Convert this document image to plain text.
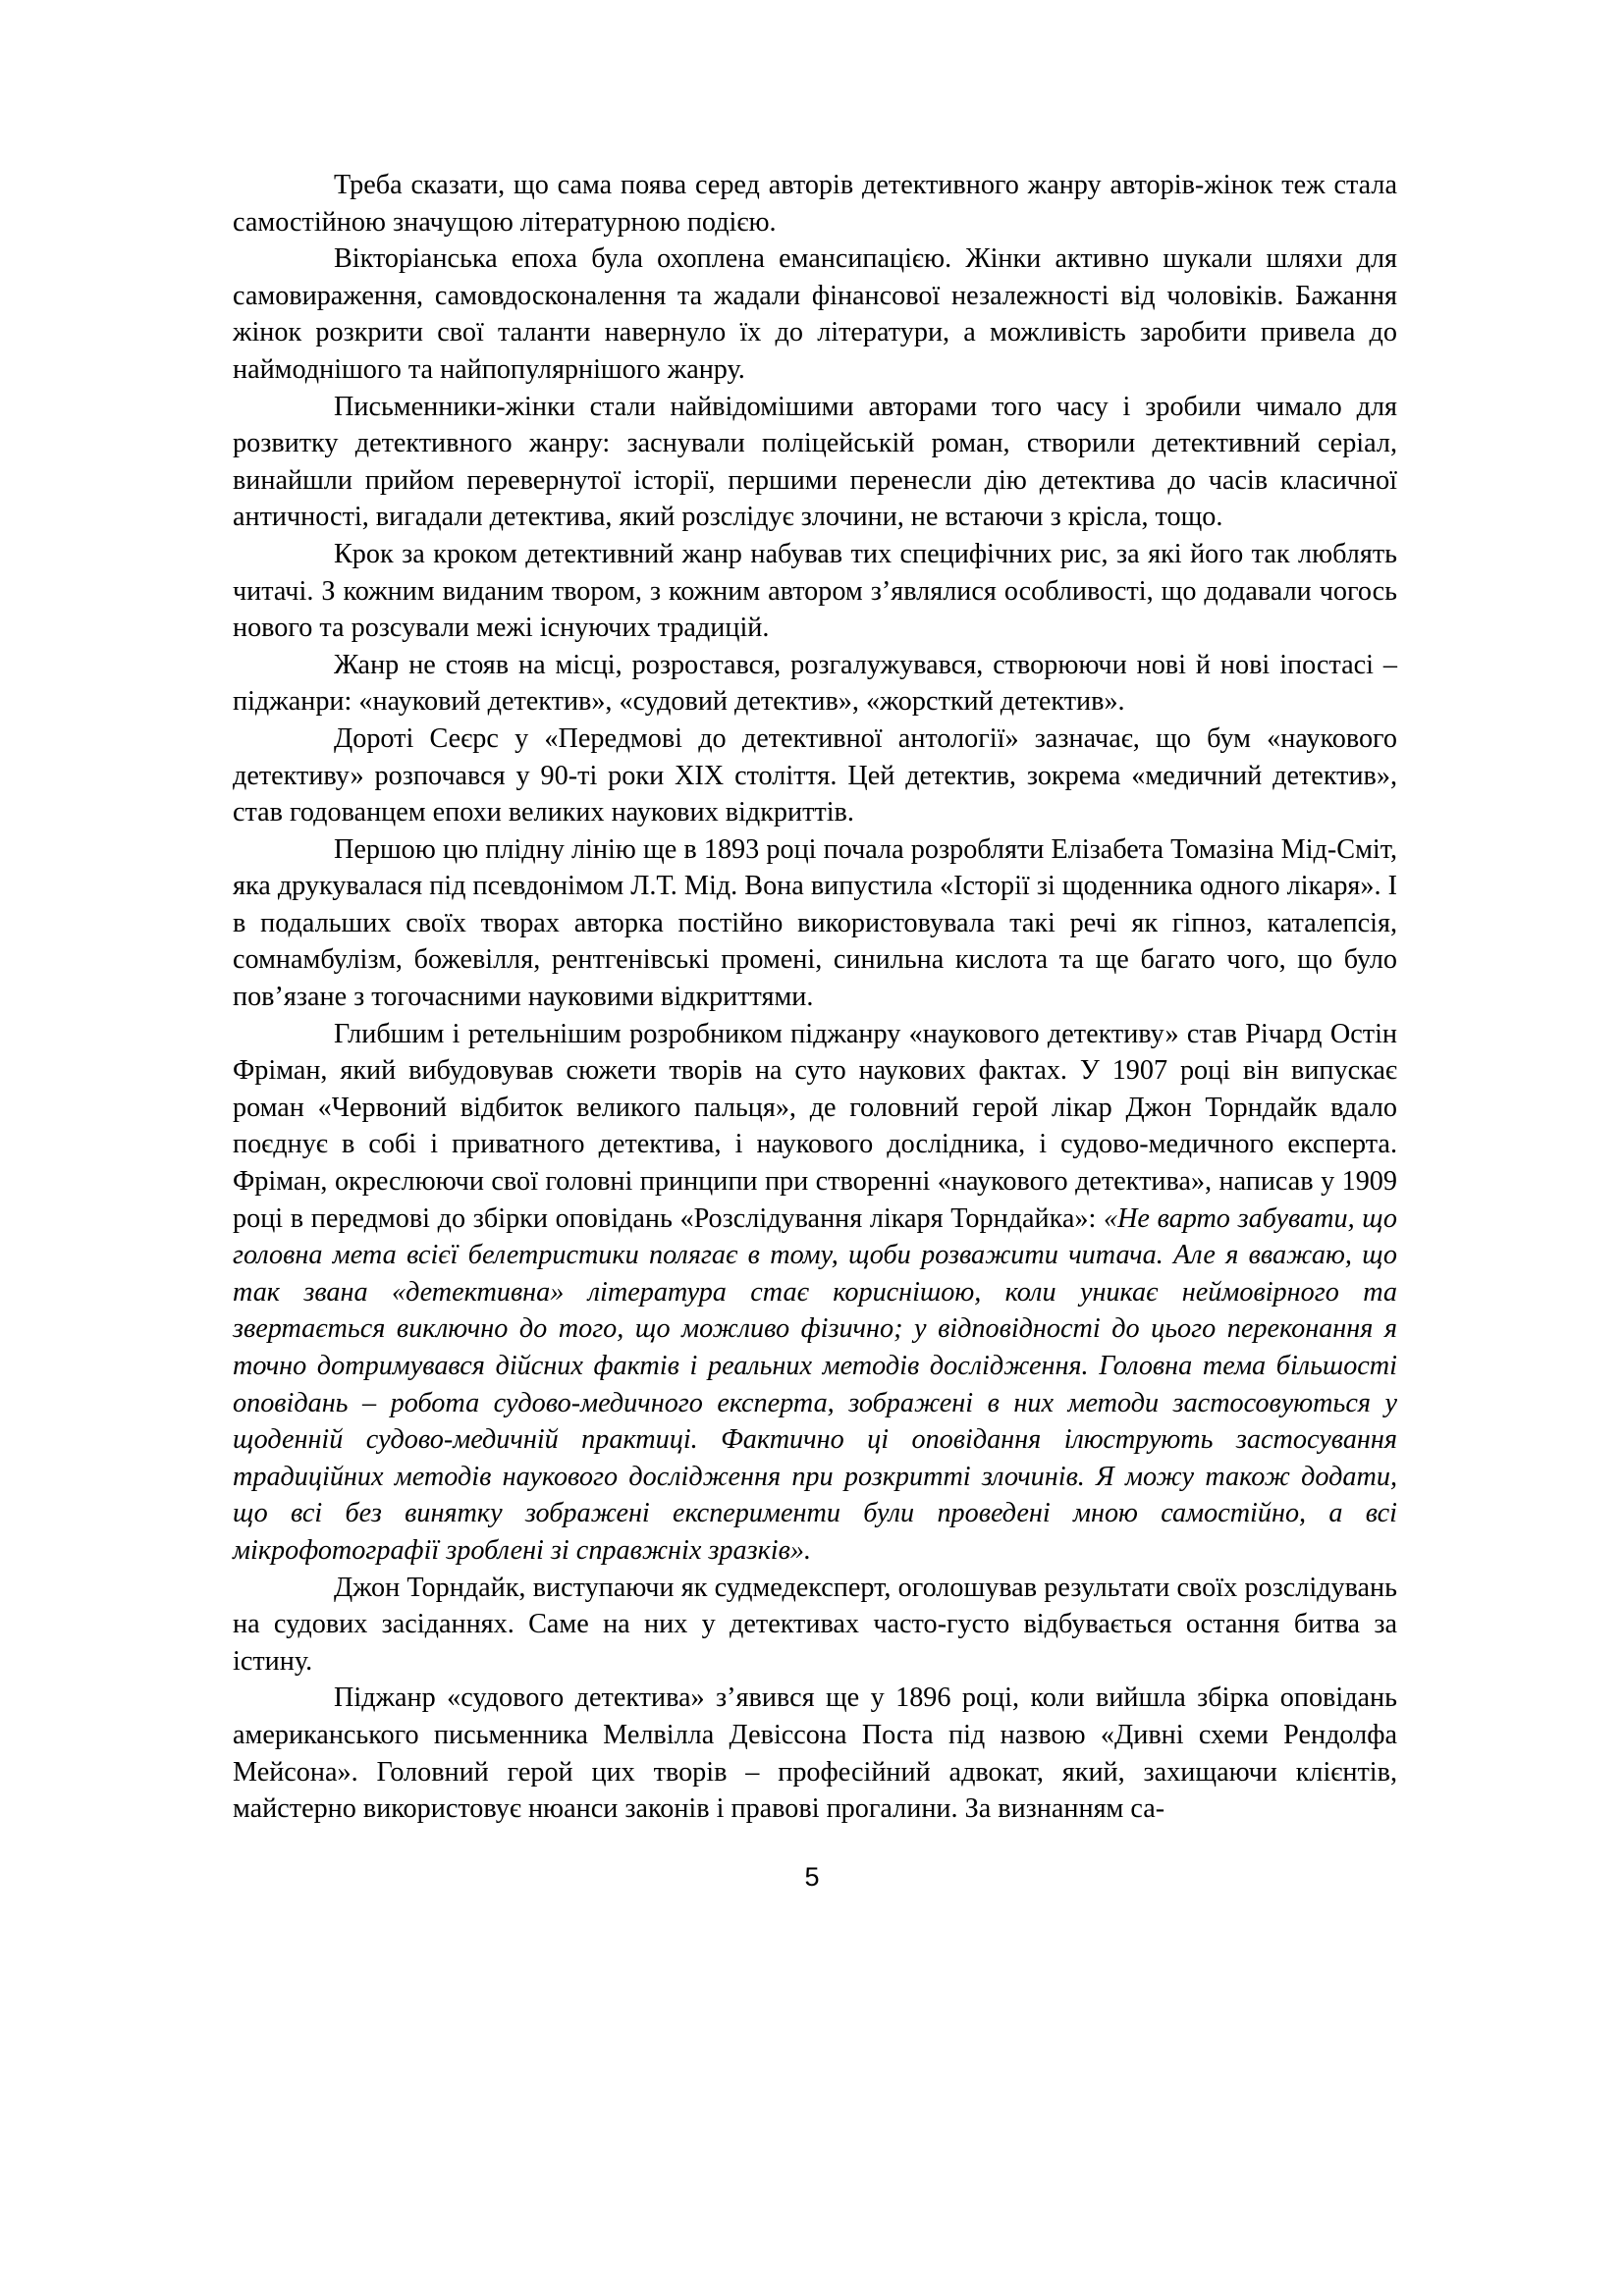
Треба сказати, що сама поява серед авторів детективного жанру авторів-жінок теж стала самостійною значущою літературною подією.

Вікторіанська епоха була охоплена емансипацією. Жінки активно шукали шляхи для самовираження, самовдосконалення та жадали фінансової незалежності від чоловіків. Бажання жінок розкрити свої таланти навернуло їх до літератури, а можливість заробити привела до наймоднішого та найпопулярнішого жанру.

Письменники-жінки стали найвідомішими авторами того часу і зробили чимало для розвитку детективного жанру: заснували поліцейській роман, створили детективний серіал, винайшли прийом перевернутої історії, першими перенесли дію детектива до часів класичної античності, вигадали детектива, який розслідує злочини, не встаючи з крісла, тощо.

Крок за кроком детективний жанр набував тих специфічних рис, за які його так люблять читачі. З кожним виданим твором, з кожним автором з’являлися особливості, що додавали чогось нового та розсували межі існуючих традицій.

Жанр не стояв на місці, розростався, розгалужувався, створюючи нові й нові іпостасі – піджанри: «науковий детектив», «судовий детектив», «жорсткий детектив».

Дороті Сеєрс у «Передмові до детективної антології» зазначає, що бум «наукового детективу» розпочався у 90-ті роки XIX століття. Цей детектив, зокрема «медичний детектив», став годованцем епохи великих наукових відкриттів.

Першою цю плідну лінію ще в 1893 році почала розробляти Елізабета Томазіна Мід-Сміт, яка друкувалася під псевдонімом Л.Т. Мід. Вона випустила «Історії зі щоденника одного лікаря». І в подальших своїх творах авторка постійно використовувала такі речі як гіпноз, каталепсія, сомнамбулізм, божевілля, рентгенівські промені, синильна кислота та ще багато чого, що було пов’язане з тогочасними науковими відкриттями.

Глибшим і ретельнішим розробником піджанру «наукового детективу» став Річард Остін Фріман, який вибудовував сюжети творів на суто наукових фактах. У 1907 році він випускає роман «Червоний відбиток великого пальця», де головний герой лікар Джон Торндайк вдало поєднує в собі і приватного детектива, і наукового дослідника, і судово-медичного експерта. Фріман, окреслюючи свої головні принципи при створенні «наукового детектива», написав у 1909 році в передмові до збірки оповідань «Розслідування лікаря Торндайка»: «Не варто забувати, що головна мета всієї белетристики полягає в тому, щоби розважити читача. Але я вважаю, що так звана «детективна» література стає кориснiшою, коли уникає неймовірного та звертається виключно до того, що можливо фізично; у відповідності до цього переконання я точно дотримувався дійсних фактів і реальних методів дослідження. Головна тема більшості оповідань – робота судово-медичного експерта, зображені в них методи застосовуються у щоденній судово-медичній практиці. Фактично ці оповідання ілюструють застосування традиційних методів наукового дослідження при розкритті злочинів. Я можу також додати, що всі без винятку зображені експерименти були проведені мною самостійно, а всі мікрофотографії зроблені зі справжніх зразків».

Джон Торндайк, виступаючи як судмедексперт, оголошував результати своїх розслідувань на судових засіданнях. Саме на них у детективах часто-густо відбувається остання битва за істину.

Піджанр «судового детектива» з’явився ще у 1896 році, коли вийшла збірка оповідань американського письменника Мелвілла Девіссона Поста під назвою «Дивні схеми Рендолфа Мейсона». Головний герой цих творів – професійний адвокат, який, захищаючи клієнтів, майстерно використовує нюанси законів і правові прогалини. За визнанням са-

5
